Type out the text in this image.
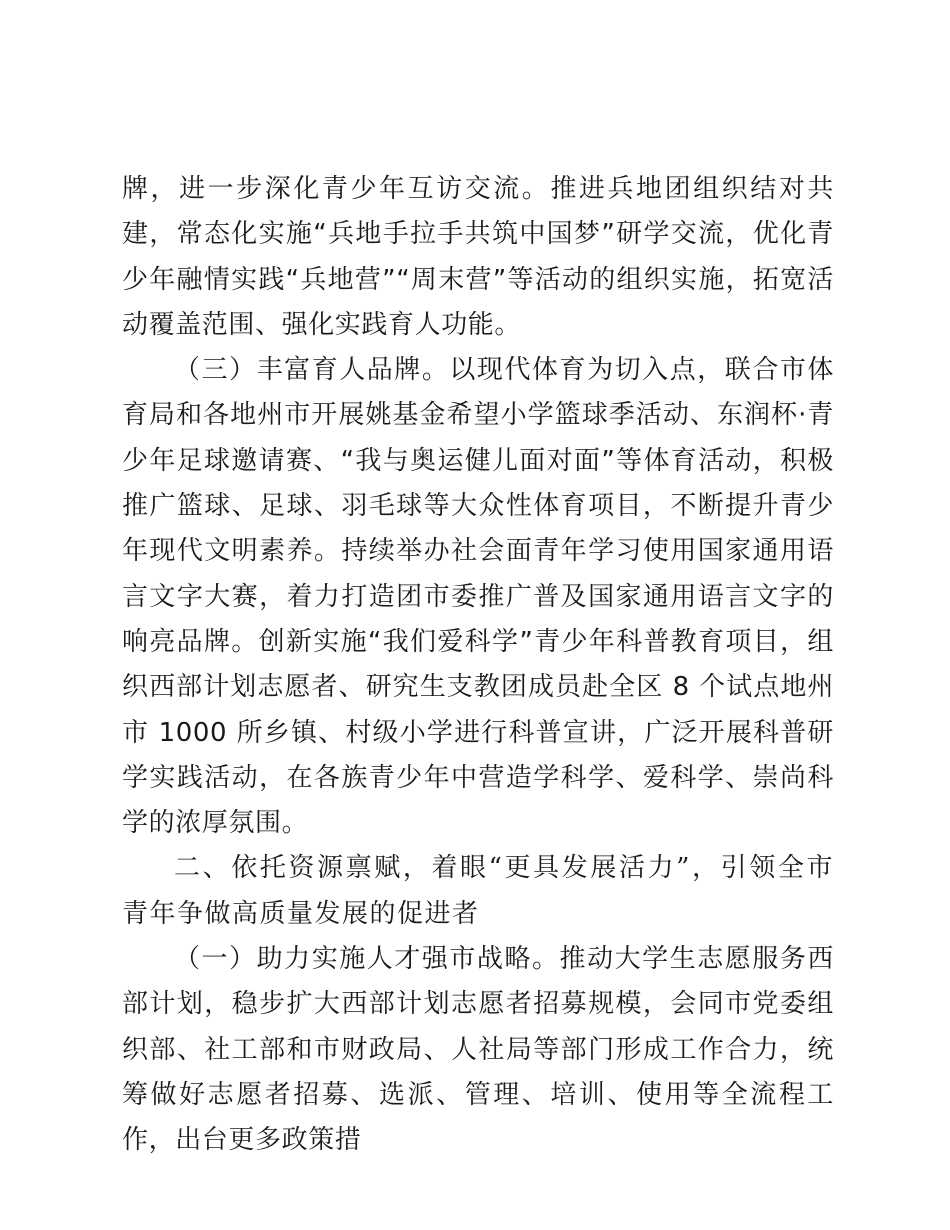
牌，进一步深化青少年互访交流。推进兵地团组织结对共建，常态化实施“兵地手拉手共筑中国梦”研学交流，优化青少年融情实践“兵地营”“周末营”等活动的组织实施，拓宽活动覆盖范围、强化实践育人功能。

（三）丰富育人品牌。以现代体育为切入点，联合市体育局和各地州市开展姚基金希望小学篮球季活动、东润杯·青少年足球邀请赛、“我与奥运健儿面对面”等体育活动，积极推广篮球、足球、羽毛球等大众性体育项目，不断提升青少年现代文明素养。持续举办社会面青年学习使用国家通用语言文字大赛，着力打造团市委推广普及国家通用语言文字的响亮品牌。创新实施“我们爱科学”青少年科普教育项目，组织西部计划志愿者、研究生支教团成员赴全区 8 个试点地州市 1000 所乡镇、村级小学进行科普宣讲，广泛开展科普研学实践活动，在各族青少年中营造学科学、爱科学、崇尚科学的浓厚氛围。

二、依托资源禀赋，着眼“更具发展活力”，引领全市青年争做高质量发展的促进者

（一）助力实施人才强市战略。推动大学生志愿服务西部计划，稳步扩大西部计划志愿者招募规模，会同市党委组织部、社工部和市财政局、人社局等部门形成工作合力，统筹做好志愿者招募、选派、管理、培训、使用等全流程工作，出台更多政策措
